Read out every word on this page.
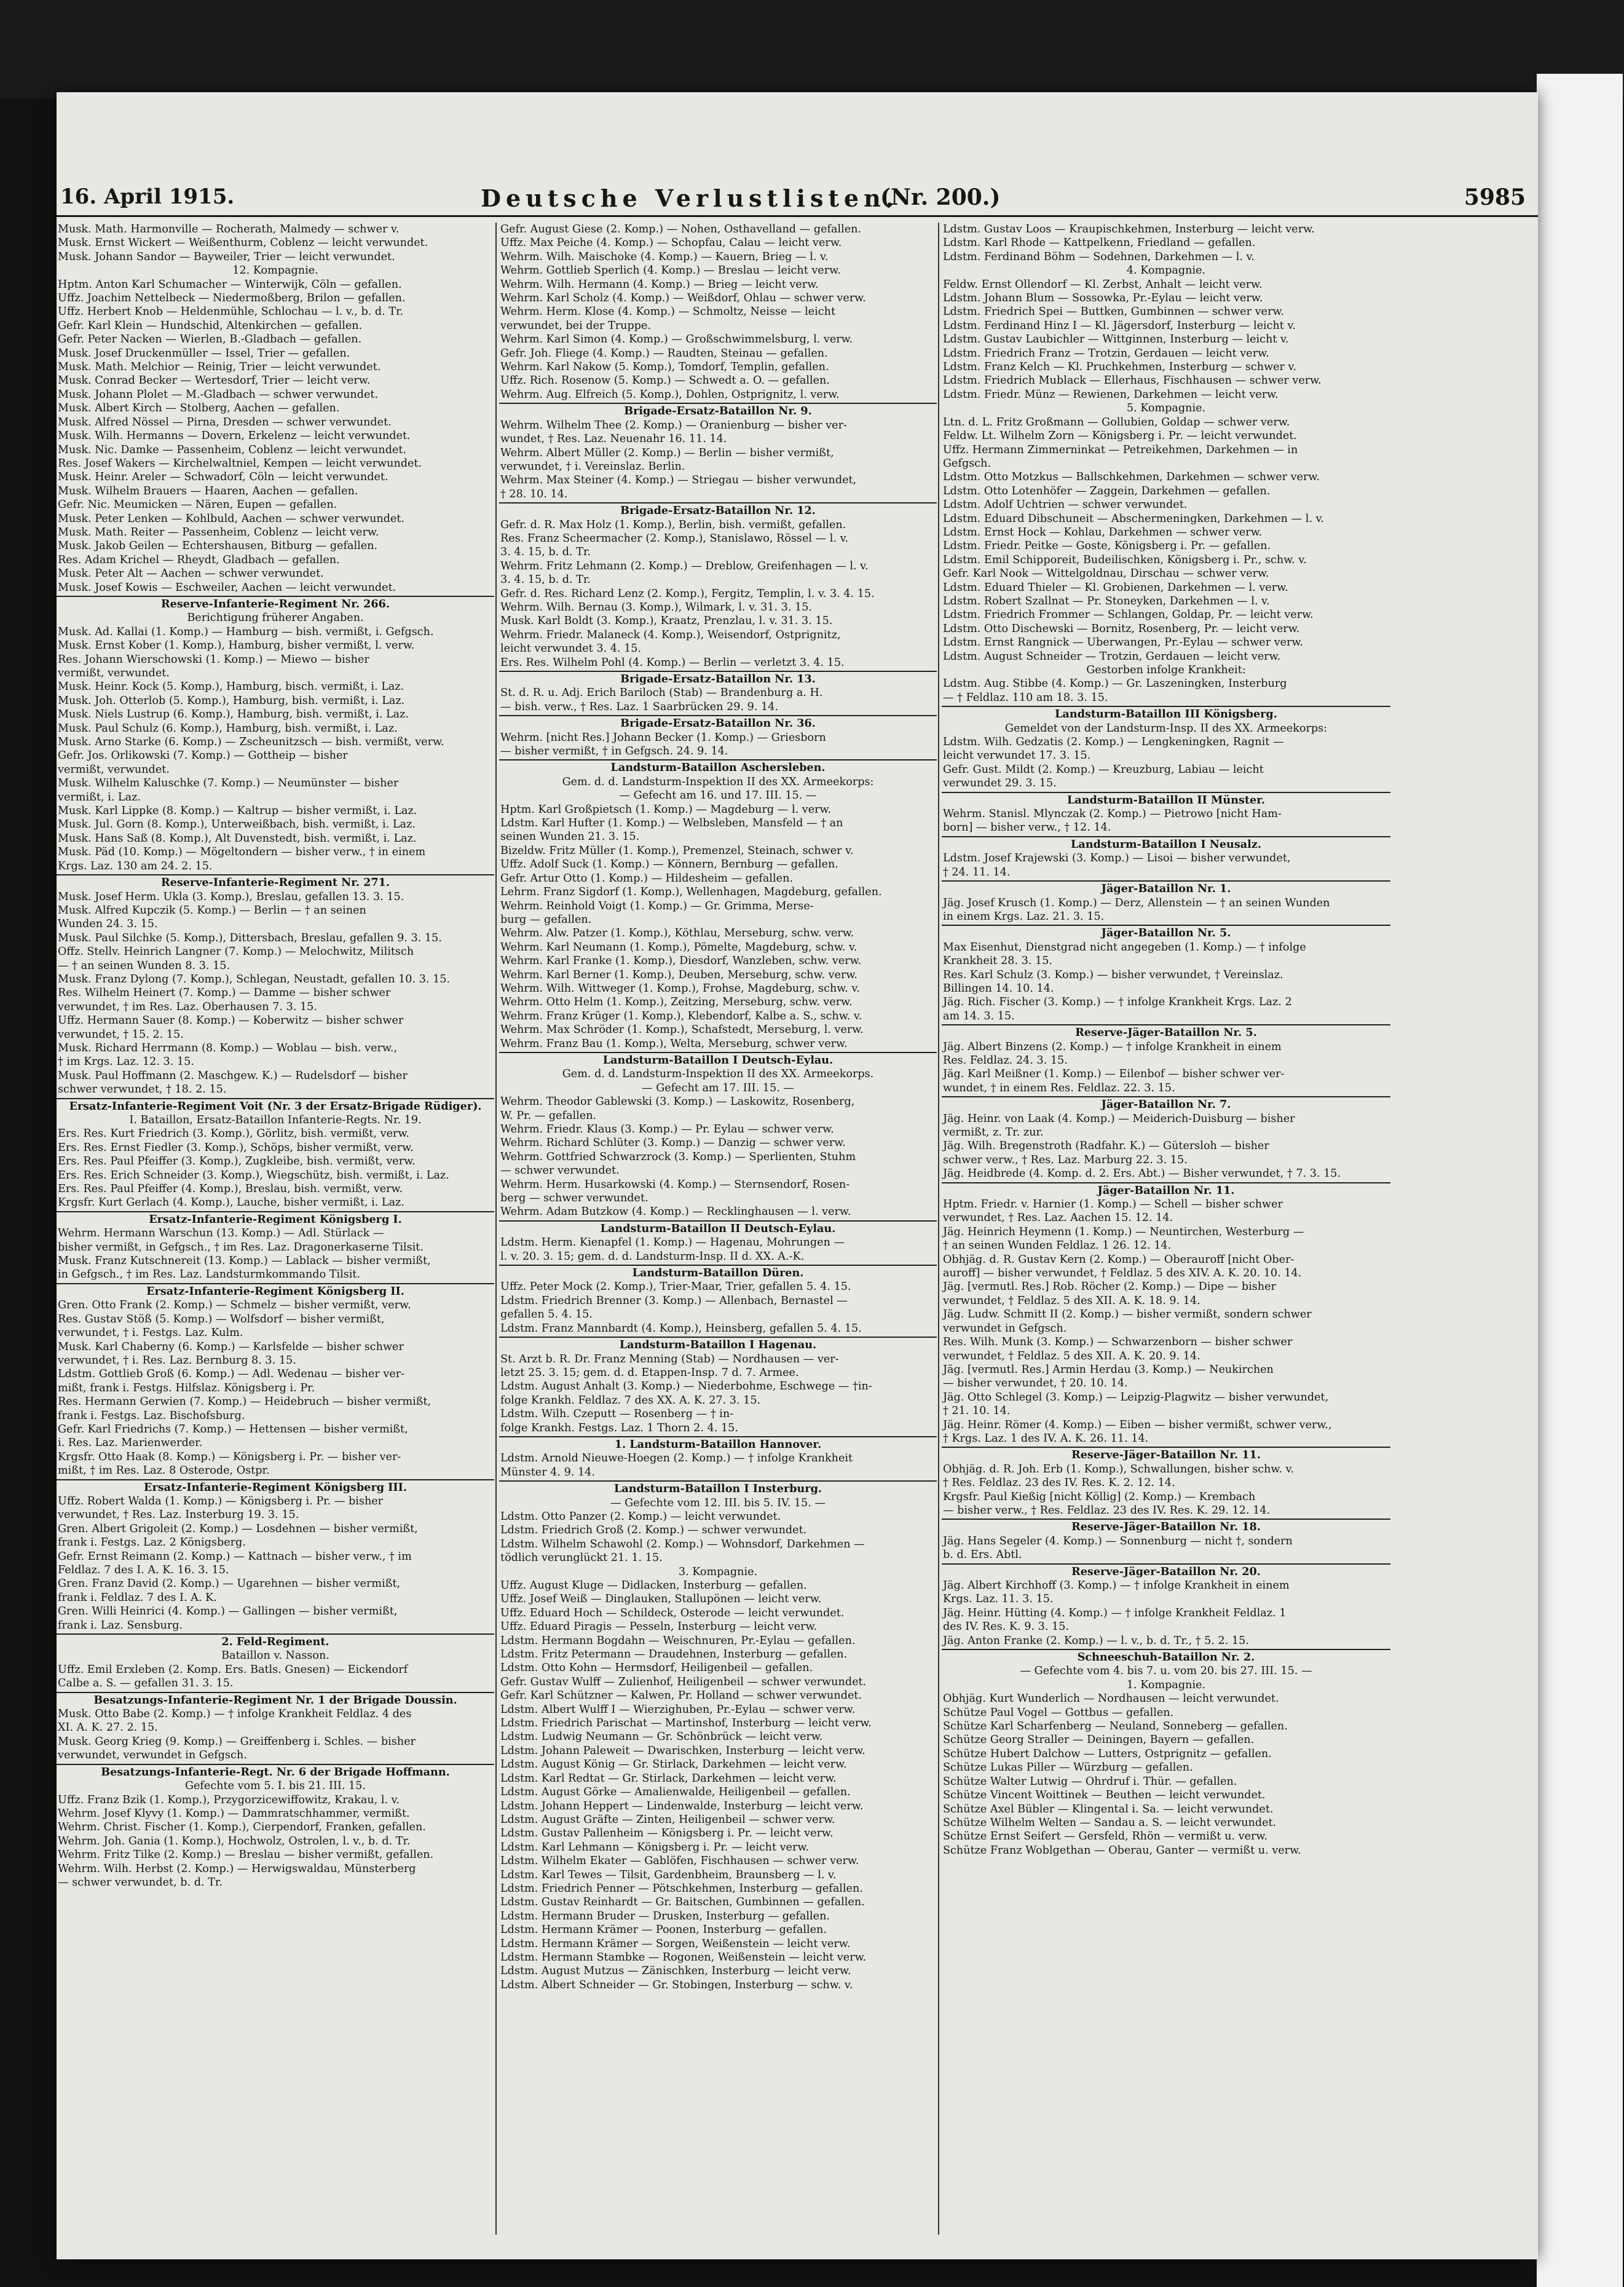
16. April 1915.	Deutsche Verlustlisten.
(Nr. 200.)	5985
Musk. Math. Harmonville — Rocherath, Malmedy — schwer v.
Musk. Ernst Wickert — Weißenthurm, Coblenz — leicht verwundet.
Musk. Johann Sandor — Bayweiler, Trier — leicht verwundet.
12. Kompagnie.
Hptm. Anton Karl Schumacher — Winterwijk, Cöln — gefallen.
Uffz. Joachim Nettelbeck — Niedermoßberg, Brilon — gefallen.
Uffz. Herbert Knob — Heldenmühle, Schlochau — l. v., b. d. Tr.
Gefr. Karl Klein — Hundschid, Altenkirchen — gefallen.
Gefr. Peter Nacken — Wierlen, B.-Gladbach — gefallen.
Musk. Josef Druckenmüller — Issel, Trier — gefallen.
Musk. Math. Melchior — Reinig, Trier — leicht verwundet.
Musk. Conrad Becker — Wertesdorf, Trier — leicht verw.
Musk. Johann Plolet — M.-Gladbach — schwer verwundet.
Musk. Albert Kirch — Stolberg, Aachen — gefallen.
Musk. Alfred Nössel — Pirna, Dresden — schwer verwundet.
Musk. Wilh. Hermanns — Dovern, Erkelenz — leicht verwundet.
Musk. Nic. Damke — Passenheim, Coblenz — leicht verwundet.
Res. Josef Wakers — Kirchelwaltniel, Kempen — leicht verwundet.
Musk. Heinr. Areler — Schwadorf, Cöln — leicht verwundet.
Musk. Wilhelm Brauers — Haaren, Aachen — gefallen.
Gefr. Nic. Meumicken — Nären, Eupen — gefallen.
Musk. Peter Lenken — Kohlbuld, Aachen — schwer verwundet.
Musk. Math. Reiter — Passenheim, Coblenz — leicht verw.
Musk. Jakob Geilen — Echtershausen, Bitburg — gefallen.
Res. Adam Krichel — Rheydt, Gladbach — gefallen.
Musk. Peter Alt — Aachen — schwer verwundet.
Musk. Josef Kowis — Eschweiler, Aachen — leicht verwundet.
Reserve-Infanterie-Regiment Nr. 266.
Berichtigung früherer Angaben.
Musk. Ad. Kallai (1. Komp.) — Hamburg — bish. vermißt, i. Gefgsch.
Musk. Ernst Kober (1. Komp.), Hamburg, bisher vermißt, l. verw.
Res. Johann Wierschowski (1. Komp.) — Miewo — bisher
vermißt, verwundet.
Musk. Heinr. Kock (5. Komp.), Hamburg, bisch. vermißt, i. Laz.
Musk. Joh. Otterlob (5. Komp.), Hamburg, bish. vermißt, i. Laz.
Musk. Niels Lustrup (6. Komp.), Hamburg, bish. vermißt, i. Laz.
Musk. Paul Schulz (6. Komp.), Hamburg, bish. vermißt, i. Laz.
Musk. Arno Starke (6. Komp.) — Zscheunitzsch — bish. vermißt, verw.
Gefr. Jos. Orlikowski (7. Komp.) — Gottheip — bisher
vermißt, verwundet.
Musk. Wilhelm Kaluschke (7. Komp.) — Neumünster — bisher
vermißt, i. Laz.
Musk. Karl Lippke (8. Komp.) — Kaltrup — bisher vermißt, i. Laz.
Musk. Jul. Gorn (8. Komp.), Unterweißbach, bish. vermißt, i. Laz.
Musk. Hans Saß (8. Komp.), Alt Duvenstedt, bish. vermißt, i. Laz.
Musk. Päd (10. Komp.) — Mögeltondern — bisher verw., † in einem
Krgs. Laz. 130 am 24. 2. 15.
Reserve-Infanterie-Regiment Nr. 271.
Musk. Josef Herm. Ukla (3. Komp.), Breslau, gefallen 13. 3. 15.
Musk. Alfred Kupczik (5. Komp.) — Berlin — † an seinen
Wunden 24. 3. 15.
Musk. Paul Silchke (5. Komp.), Dittersbach, Breslau, gefallen 9. 3. 15.
Offz. Stellv. Heinrich Langner (7. Komp.) — Melochwitz, Militsch
— † an seinen Wunden 8. 3. 15.
Musk. Franz Dylong (7. Komp.), Schlegan, Neustadt, gefallen 10. 3. 15.
Res. Wilhelm Heinert (7. Komp.) — Damme — bisher schwer
verwundet, † im Res. Laz. Oberhausen 7. 3. 15.
Uffz. Hermann Sauer (8. Komp.) — Koberwitz — bisher schwer
verwundet, † 15. 2. 15.
Musk. Richard Herrmann (8. Komp.) — Woblau — bish. verw.,
† im Krgs. Laz. 12. 3. 15.
Musk. Paul Hoffmann (2. Maschgew. K.) — Rudelsdorf — bisher
schwer verwundet, † 18. 2. 15.
Ersatz-Infanterie-Regiment Voit (Nr. 3 der Ersatz-Brigade Rüdiger).
I. Bataillon, Ersatz-Bataillon Infanterie-Regts. Nr. 19.
Ers. Res. Kurt Friedrich (3. Komp.), Görlitz, bish. vermißt, verw.
Ers. Res. Ernst Fiedler (3. Komp.), Schöps, bisher vermißt, verw.
Ers. Res. Paul Pfeiffer (3. Komp.), Zugkleibe, bish. vermißt, verw.
Ers. Res. Erich Schneider (3. Komp.), Wiegschütz, bish. vermißt, i. Laz.
Ers. Res. Paul Pfeiffer (4. Komp.), Breslau, bish. vermißt, verw.
Krgsfr. Kurt Gerlach (4. Komp.), Lauche, bisher vermißt, i. Laz.
Ersatz-Infanterie-Regiment Königsberg I.
Wehrm. Hermann Warschun (13. Komp.) — Adl. Stürlack —
bisher vermißt, in Gefgsch., † im Res. Laz. Dragonerkaserne Tilsit.
Musk. Franz Kutschnereit (13. Komp.) — Lablack — bisher vermißt,
in Gefgsch., † im Res. Laz. Landsturmkommando Tilsit.
Ersatz-Infanterie-Regiment Königsberg II.
Gren. Otto Frank (2. Komp.) — Schmelz — bisher vermißt, verw.
Res. Gustav Stöß (5. Komp.) — Wolfsdorf — bisher vermißt,
verwundet, † i. Festgs. Laz. Kulm.
Musk. Karl Chaberny (6. Komp.) — Karlsfelde — bisher schwer
verwundet, † i. Res. Laz. Bernburg 8. 3. 15.
Ldstm. Gottlieb Groß (6. Komp.) — Adl. Wedenau — bisher ver-
mißt, frank i. Festgs. Hilfslaz. Königsberg i. Pr.
Res. Hermann Gerwien (7. Komp.) — Heidebruch — bisher vermißt,
frank i. Festgs. Laz. Bischofsburg.
Gefr. Karl Friedrichs (7. Komp.) — Hettensen — bisher vermißt,
i. Res. Laz. Marienwerder.
Krgsfr. Otto Haak (8. Komp.) — Königsberg i. Pr. — bisher ver-
mißt, † im Res. Laz. 8 Osterode, Ostpr.
Ersatz-Infanterie-Regiment Königsberg III.
Uffz. Robert Walda (1. Komp.) — Königsberg i. Pr. — bisher
verwundet, † Res. Laz. Insterburg 19. 3. 15.
Gren. Albert Grigoleit (2. Komp.) — Losdehnen — bisher vermißt,
frank i. Festgs. Laz. 2 Königsberg.
Gefr. Ernst Reimann (2. Komp.) — Kattnach — bisher verw., † im
Feldlaz. 7 des I. A. K. 16. 3. 15.
Gren. Franz David (2. Komp.) — Ugarehnen — bisher vermißt,
frank i. Feldlaz. 7 des I. A. K.
Gren. Willi Heinrici (4. Komp.) — Gallingen — bisher vermißt,
frank i. Laz. Sensburg.
2. Feld-Regiment.
Bataillon v. Nasson.
Uffz. Emil Erxleben (2. Komp. Ers. Batls. Gnesen) — Eickendorf
Calbe a. S. — gefallen 31. 3. 15.
Besatzungs-Infanterie-Regiment Nr. 1 der Brigade Doussin.
Musk. Otto Babe (2. Komp.) — † infolge Krankheit Feldlaz. 4 des
XI. A. K. 27. 2. 15.
Musk. Georg Krieg (9. Komp.) — Greiffenberg i. Schles. — bisher
verwundet, verwundet in Gefgsch.
Besatzungs-Infanterie-Regt. Nr. 6 der Brigade Hoffmann.
Gefechte vom 5. I. bis 21. III. 15.
Uffz. Franz Bzik (1. Komp.), Przygorzicewiffowitz, Krakau, l. v.
Wehrm. Josef Klyvy (1. Komp.) — Dammratschhammer, vermißt.
Wehrm. Christ. Fischer (1. Komp.), Cierpendorf, Franken, gefallen.
Wehrm. Joh. Gania (1. Komp.), Hochwolz, Ostrolen, l. v., b. d. Tr.
Wehrm. Fritz Tilke (2. Komp.) — Breslau — bisher vermißt, gefallen.
Wehrm. Wilh. Herbst (2. Komp.) — Herwigswaldau, Münsterberg
— schwer verwundet, b. d. Tr.
Gefr. August Giese (2. Komp.) — Nohen, Osthavelland — gefallen.
Uffz. Max Peiche (4. Komp.) — Schopfau, Calau — leicht verw.
Wehrm. Wilh. Maischoke (4. Komp.) — Kauern, Brieg — l. v.
Wehrm. Gottlieb Sperlich (4. Komp.) — Breslau — leicht verw.
Wehrm. Wilh. Hermann (4. Komp.) — Brieg — leicht verw.
Wehrm. Karl Scholz (4. Komp.) — Weißdorf, Ohlau — schwer verw.
Wehrm. Herm. Klose (4. Komp.) — Schmoltz, Neisse — leicht
verwundet, bei der Truppe.
Wehrm. Karl Simon (4. Komp.) — Großschwimmelsburg, l. verw.
Gefr. Joh. Fliege (4. Komp.) — Raudten, Steinau — gefallen.
Wehrm. Karl Nakow (5. Komp.), Tomdorf, Templin, gefallen.
Uffz. Rich. Rosenow (5. Komp.) — Schwedt a. O. — gefallen.
Wehrm. Aug. Elfreich (5. Komp.), Dohlen, Ostprignitz, l. verw.
Brigade-Ersatz-Bataillon Nr. 9.
Wehrm. Wilhelm Thee (2. Komp.) — Oranienburg — bisher ver-
wundet, † Res. Laz. Neuenahr 16. 11. 14.
Wehrm. Albert Müller (2. Komp.) — Berlin — bisher vermißt,
verwundet, † i. Vereinslaz. Berlin.
Wehrm. Max Steiner (4. Komp.) — Striegau — bisher verwundet,
† 28. 10. 14.
Brigade-Ersatz-Bataillon Nr. 12.
Gefr. d. R. Max Holz (1. Komp.), Berlin, bish. vermißt, gefallen.
Res. Franz Scheermacher (2. Komp.), Stanislawo, Rössel — l. v.
3. 4. 15, b. d. Tr.
Wehrm. Fritz Lehmann (2. Komp.) — Dreblow, Greifenhagen — l. v.
3. 4. 15, b. d. Tr.
Gefr. d. Res. Richard Lenz (2. Komp.), Fergitz, Templin, l. v. 3. 4. 15.
Wehrm. Wilh. Bernau (3. Komp.), Wilmark, l. v. 31. 3. 15.
Musk. Karl Boldt (3. Komp.), Kraatz, Prenzlau, l. v. 31. 3. 15.
Wehrm. Friedr. Malaneck (4. Komp.), Weisendorf, Ostprignitz,
leicht verwundet 3. 4. 15.
Ers. Res. Wilhelm Pohl (4. Komp.) — Berlin — verletzt 3. 4. 15.
Brigade-Ersatz-Bataillon Nr. 13.
St. d. R. u. Adj. Erich Bariloch (Stab) — Brandenburg a. H.
— bish. verw., † Res. Laz. 1 Saarbrücken 29. 9. 14.
Brigade-Ersatz-Bataillon Nr. 36.
Wehrm. [nicht Res.] Johann Becker (1. Komp.) — Griesborn
— bisher vermißt, † in Gefgsch. 24. 9. 14.
Landsturm-Bataillon Aschersleben.
Gem. d. d. Landsturm-Inspektion II des XX. Armeekorps:
— Gefecht am 16. und 17. III. 15. —
Hptm. Karl Großpietsch (1. Komp.) — Magdeburg — l. verw.
Ldstm. Karl Hufter (1. Komp.) — Welbsleben, Mansfeld — † an
seinen Wunden 21. 3. 15.
Bizeldw. Fritz Müller (1. Komp.), Premenzel, Steinach, schwer v.
Uffz. Adolf Suck (1. Komp.) — Könnern, Bernburg — gefallen.
Gefr. Artur Otto (1. Komp.) — Hildesheim — gefallen.
Lehrm. Franz Sigdorf (1. Komp.), Wellenhagen, Magdeburg, gefallen.
Wehrm. Reinhold Voigt (1. Komp.) — Gr. Grimma, Merse-
burg — gefallen.
Wehrm. Alw. Patzer (1. Komp.), Köthlau, Merseburg, schw. verw.
Wehrm. Karl Neumann (1. Komp.), Pömelte, Magdeburg, schw. v.
Wehrm. Karl Franke (1. Komp.), Diesdorf, Wanzleben, schw. verw.
Wehrm. Karl Berner (1. Komp.), Deuben, Merseburg, schw. verw.
Wehrm. Wilh. Wittweger (1. Komp.), Frohse, Magdeburg, schw. v.
Wehrm. Otto Helm (1. Komp.), Zeitzing, Merseburg, schw. verw.
Wehrm. Franz Krüger (1. Komp.), Klebendorf, Kalbe a. S., schw. v.
Wehrm. Max Schröder (1. Komp.), Schafstedt, Merseburg, l. verw.
Wehrm. Franz Bau (1. Komp.), Welta, Merseburg, schwer verw.
Landsturm-Bataillon I Deutsch-Eylau.
Gem. d. d. Landsturm-Inspektion II des XX. Armeekorps.
— Gefecht am 17. III. 15. —
Wehrm. Theodor Gablewski (3. Komp.) — Laskowitz, Rosenberg,
W. Pr. — gefallen.
Wehrm. Friedr. Klaus (3. Komp.) — Pr. Eylau — schwer verw.
Wehrm. Richard Schlüter (3. Komp.) — Danzig — schwer verw.
Wehrm. Gottfried Schwarzrock (3. Komp.) — Sperlienten, Stuhm
— schwer verwundet.
Wehrm. Herm. Husarkowski (4. Komp.) — Sternsendorf, Rosen-
berg — schwer verwundet.
Wehrm. Adam Butzkow (4. Komp.) — Recklinghausen — l. verw.
Landsturm-Bataillon II Deutsch-Eylau.
Ldstm. Herm. Kienapfel (1. Komp.) — Hagenau, Mohrungen —
l. v. 20. 3. 15; gem. d. d. Landsturm-Insp. II d. XX. A.-K.
Landsturm-Bataillon Düren.
Uffz. Peter Mock (2. Komp.), Trier-Maar, Trier, gefallen 5. 4. 15.
Ldstm. Friedrich Brenner (3. Komp.) — Allenbach, Bernastel —
gefallen 5. 4. 15.
Ldstm. Franz Mannbardt (4. Komp.), Heinsberg, gefallen 5. 4. 15.
Landsturm-Bataillon I Hagenau.
St. Arzt b. R. Dr. Franz Menning (Stab) — Nordhausen — ver-
letzt 25. 3. 15; gem. d. d. Etappen-Insp. 7 d. 7. Armee.
Ldstm. August Anhalt (3. Komp.) — Niederbohme, Eschwege — †in-
folge Krankh. Feldlaz. 7 des XX. A. K. 27. 3. 15.
Ldstm. Wilh. Czeputt — Rosenberg — † in-
folge Krankh. Festgs. Laz. 1 Thorn 2. 4. 15.
1. Landsturm-Bataillon Hannover.
Ldstm. Arnold Nieuwe-Hoegen (2. Komp.) — † infolge Krankheit
Münster 4. 9. 14.
Landsturm-Bataillon I Insterburg.
— Gefechte vom 12. III. bis 5. IV. 15. —
Ldstm. Otto Panzer (2. Komp.) — leicht verwundet.
Ldstm. Friedrich Groß (2. Komp.) — schwer verwundet.
Ldstm. Wilhelm Schawohl (2. Komp.) — Wohnsdorf, Darkehmen —
tödlich verunglückt 21. 1. 15.
3. Kompagnie.
Uffz. August Kluge — Didlacken, Insterburg — gefallen.
Uffz. Josef Weiß — Dinglauken, Stallupönen — leicht verw.
Uffz. Eduard Hoch — Schildeck, Osterode — leicht verwundet.
Uffz. Eduard Piragis — Pesseln, Insterburg — leicht verw.
Ldstm. Hermann Bogdahn — Weischnuren, Pr.-Eylau — gefallen.
Ldstm. Fritz Petermann — Draudehnen, Insterburg — gefallen.
Ldstm. Otto Kohn — Hermsdorf, Heiligenbeil — gefallen.
Gefr. Gustav Wulff — Zulienhof, Heiligenbeil — schwer verwundet.
Gefr. Karl Schützner — Kalwen, Pr. Holland — schwer verwundet.
Ldstm. Albert Wulff I — Wierzighuben, Pr.-Eylau — schwer verw.
Ldstm. Friedrich Parischat — Martinshof, Insterburg — leicht verw.
Ldstm. Ludwig Neumann — Gr. Schönbrück — leicht verw.
Ldstm. Johann Paleweit — Dwarischken, Insterburg — leicht verw.
Ldstm. August König — Gr. Stirlack, Darkehmen — leicht verw.
Ldstm. Karl Redtat — Gr. Stirlack, Darkehmen — leicht verw.
Ldstm. August Görke — Amalienwalde, Heiligenbeil — gefallen.
Ldstm. Johann Heppert — Lindenwalde, Insterburg — leicht verw.
Ldstm. August Gräfte — Zinten, Heiligenbeil — schwer verw.
Ldstm. Gustav Pallenheim — Königsberg i. Pr. — leicht verw.
Ldstm. Karl Lehmann — Königsberg i. Pr. — leicht verw.
Ldstm. Wilhelm Ekater — Gablöfen, Fischhausen — schwer verw.
Ldstm. Karl Tewes — Tilsit, Gardenbheim, Braunsberg — l. v.
Ldstm. Friedrich Penner — Pötschkehmen, Insterburg — gefallen.
Ldstm. Gustav Reinhardt — Gr. Baitschen, Gumbinnen — gefallen.
Ldstm. Hermann Bruder — Drusken, Insterburg — gefallen.
Ldstm. Hermann Krämer — Poonen, Insterburg — gefallen.
Ldstm. Hermann Krämer — Sorgen, Weißenstein — leicht verw.
Ldstm. Hermann Stambke — Rogonen, Weißenstein — leicht verw.
Ldstm. August Mutzus — Zänischken, Insterburg — leicht verw.
Ldstm. Albert Schneider — Gr. Stobingen, Insterburg — schw. v.
Ldstm. Gustav Loos — Kraupischkehmen, Insterburg — leicht verw.
Ldstm. Karl Rhode — Kattpelkenn, Friedland — gefallen.
Ldstm. Ferdinand Böhm — Sodehnen, Darkehmen — l. v.
4. Kompagnie.
Feldw. Ernst Ollendorf — Kl. Zerbst, Anhalt — leicht verw.
Ldstm. Johann Blum — Sossowka, Pr.-Eylau — leicht verw.
Ldstm. Friedrich Spei — Buttken, Gumbinnen — schwer verw.
Ldstm. Ferdinand Hinz I — Kl. Jägersdorf, Insterburg — leicht v.
Ldstm. Gustav Laubichler — Wittginnen, Insterburg — leicht v.
Ldstm. Friedrich Franz — Trotzin, Gerdauen — leicht verw.
Ldstm. Franz Kelch — Kl. Pruchkehmen, Insterburg — schwer v.
Ldstm. Friedrich Mublack — Ellerhaus, Fischhausen — schwer verw.
Ldstm. Friedr. Münz — Rewienen, Darkehmen — leicht verw.
5. Kompagnie.
Ltn. d. L. Fritz Großmann — Gollubien, Goldap — schwer verw.
Feldw. Lt. Wilhelm Zorn — Königsberg i. Pr. — leicht verwundet.
Uffz. Hermann Zimmerninkat — Petreikehmen, Darkehmen — in
Gefgsch.
Ldstm. Otto Motzkus — Ballschkehmen, Darkehmen — schwer verw.
Ldstm. Otto Lotenhöfer — Zaggein, Darkehmen — gefallen.
Ldstm. Adolf Uchtrien — schwer verwundet.
Ldstm. Eduard Dibschuneit — Abschermeningken, Darkehmen — l. v.
Ldstm. Ernst Hock — Kohlau, Darkehmen — schwer verw.
Ldstm. Friedr. Peitke — Goste, Königsberg i. Pr. — gefallen.
Ldstm. Emil Schipporeit, Budeilischken, Königsberg i. Pr., schw. v.
Gefr. Karl Nook — Wittelgoldnau, Dirschau — schwer verw.
Ldstm. Eduard Thieler — Kl. Grobienen, Darkehmen — l. verw.
Ldstm. Robert Szallnat — Pr. Stoneyken, Darkehmen — l. v.
Ldstm. Friedrich Frommer — Schlangen, Goldap, Pr. — leicht verw.
Ldstm. Otto Dischewski — Bornitz, Rosenberg, Pr. — leicht verw.
Ldstm. Ernst Rangnick — Uberwangen, Pr.-Eylau — schwer verw.
Ldstm. August Schneider — Trotzin, Gerdauen — leicht verw.
Gestorben infolge Krankheit:
Ldstm. Aug. Stibbe (4. Komp.) — Gr. Laszeningken, Insterburg
— † Feldlaz. 110 am 18. 3. 15.
Landsturm-Bataillon III Königsberg.
Gemeldet von der Landsturm-Insp. II des XX. Armeekorps:
Ldstm. Wilh. Gedzatis (2. Komp.) — Lengkeningken, Ragnit —
leicht verwundet 17. 3. 15.
Gefr. Gust. Mildt (2. Komp.) — Kreuzburg, Labiau — leicht
verwundet 29. 3. 15.
Landsturm-Bataillon II Münster.
Wehrm. Stanisl. Mlynczak (2. Komp.) — Pietrowo [nicht Ham-
born] — bisher verw., † 12. 14.
Landsturm-Bataillon I Neusalz.
Ldstm. Josef Krajewski (3. Komp.) — Lisoi — bisher verwundet,
† 24. 11. 14.
Jäger-Bataillon Nr. 1.
Jäg. Josef Krusch (1. Komp.) — Derz, Allenstein — † an seinen Wunden
in einem Krgs. Laz. 21. 3. 15.
Jäger-Bataillon Nr. 5.
Max Eisenhut, Dienstgrad nicht angegeben (1. Komp.) — † infolge
Krankheit 28. 3. 15.
Res. Karl Schulz (3. Komp.) — bisher verwundet, † Vereinslaz.
Billingen 14. 10. 14.
Jäg. Rich. Fischer (3. Komp.) — † infolge Krankheit Krgs. Laz. 2
am 14. 3. 15.
Reserve-Jäger-Bataillon Nr. 5.
Jäg. Albert Binzens (2. Komp.) — † infolge Krankheit in einem
Res. Feldlaz. 24. 3. 15.
Jäg. Karl Meißner (1. Komp.) — Eilenbof — bisher schwer ver-
wundet, † in einem Res. Feldlaz. 22. 3. 15.
Jäger-Bataillon Nr. 7.
Jäg. Heinr. von Laak (4. Komp.) — Meiderich-Duisburg — bisher
vermißt, z. Tr. zur.
Jäg. Wilh. Bregenstroth (Radfahr. K.) — Gütersloh — bisher
schwer verw., † Res. Laz. Marburg 22. 3. 15.
Jäg. Heidbrede (4. Komp. d. 2. Ers. Abt.) — Bisher verwundet, † 7. 3. 15.
Jäger-Bataillon Nr. 11.
Hptm. Friedr. v. Harnier (1. Komp.) — Schell — bisher schwer
verwundet, † Res. Laz. Aachen 15. 12. 14.
Jäg. Heinrich Heymenn (1. Komp.) — Neuntirchen, Westerburg —
† an seinen Wunden Feldlaz. 1 26. 12. 14.
Obhjäg. d. R. Gustav Kern (2. Komp.) — Oberauroff [nicht Ober-
auroff] — bisher verwundet, † Feldlaz. 5 des XIV. A. K. 20. 10. 14.
Jäg. [vermutl. Res.] Rob. Röcher (2. Komp.) — Dipe — bisher
verwundet, † Feldlaz. 5 des XII. A. K. 18. 9. 14.
Jäg. Ludw. Schmitt II (2. Komp.) — bisher vermißt, sondern schwer
verwundet in Gefgsch.
Res. Wilh. Munk (3. Komp.) — Schwarzenborn — bisher schwer
verwundet, † Feldlaz. 5 des XII. A. K. 20. 9. 14.
Jäg. [vermutl. Res.] Armin Herdau (3. Komp.) — Neukirchen
— bisher verwundet, † 20. 10. 14.
Jäg. Otto Schlegel (3. Komp.) — Leipzig-Plagwitz — bisher verwundet,
† 21. 10. 14.
Jäg. Heinr. Römer (4. Komp.) — Eiben — bisher vermißt, schwer verw.,
† Krgs. Laz. 1 des IV. A. K. 26. 11. 14.
Reserve-Jäger-Bataillon Nr. 11.
Obhjäg. d. R. Joh. Erb (1. Komp.), Schwallungen, bisher schw. v.
† Res. Feldlaz. 23 des IV. Res. K. 2. 12. 14.
Krgsfr. Paul Kießig [nicht Köllig] (2. Komp.) — Krembach
— bisher verw., † Res. Feldlaz. 23 des IV. Res. K. 29. 12. 14.
Reserve-Jäger-Bataillon Nr. 18.
Jäg. Hans Segeler (4. Komp.) — Sonnenburg — nicht †, sondern
b. d. Ers. Abtl.
Reserve-Jäger-Bataillon Nr. 20.
Jäg. Albert Kirchhoff (3. Komp.) — † infolge Krankheit in einem
Krgs. Laz. 11. 3. 15.
Jäg. Heinr. Hütting (4. Komp.) — † infolge Krankheit Feldlaz. 1
des IV. Res. K. 9. 3. 15.
Jäg. Anton Franke (2. Komp.) — l. v., b. d. Tr., † 5. 2. 15.
Schneeschuh-Bataillon Nr. 2.
— Gefechte vom 4. bis 7. u. vom 20. bis 27. III. 15. —
1. Kompagnie.
Obhjäg. Kurt Wunderlich — Nordhausen — leicht verwundet.
Schütze Paul Vogel — Gottbus — gefallen.
Schütze Karl Scharfenberg — Neuland, Sonneberg — gefallen.
Schütze Georg Straller — Deiningen, Bayern — gefallen.
Schütze Hubert Dalchow — Lutters, Ostprignitz — gefallen.
Schütze Lukas Piller — Würzburg — gefallen.
Schütze Walter Lutwig — Ohrdruf i. Thür. — gefallen.
Schütze Vincent Woittinek — Beuthen — leicht verwundet.
Schütze Axel Bübler — Klingental i. Sa. — leicht verwundet.
Schütze Wilhelm Welten — Sandau a. S. — leicht verwundet.
Schütze Ernst Seifert — Gersfeld, Rhön — vermißt u. verw.
Schütze Franz Woblgethan — Oberau, Ganter — vermißt u. verw.
